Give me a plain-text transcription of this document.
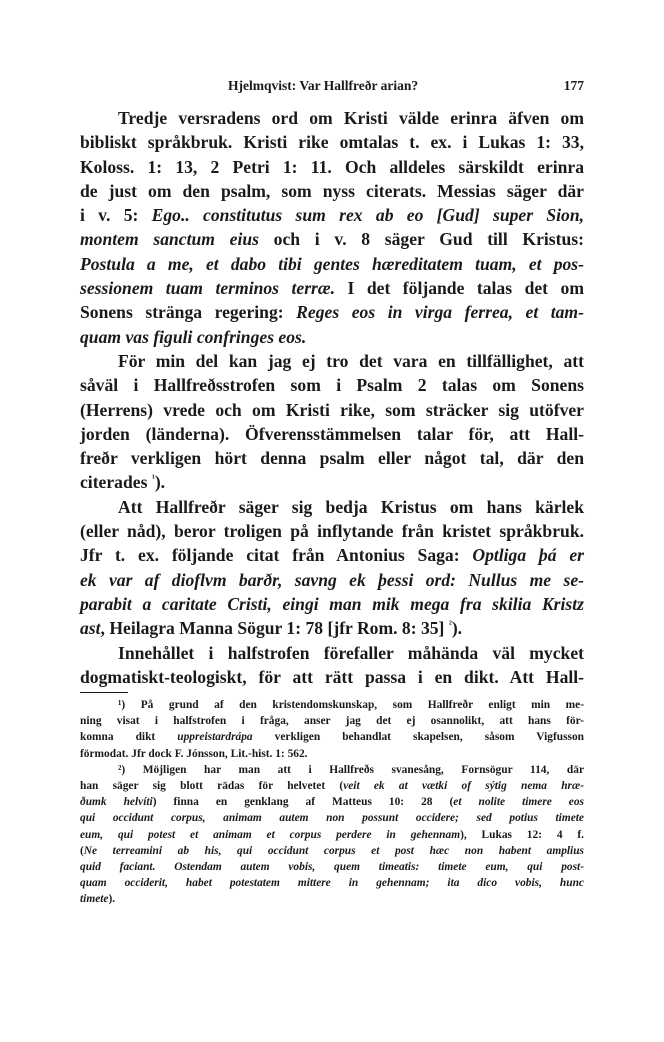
Hjelmqvist: Var Hallfreðr arian?	177
Tredje versradens ord om Kristi välde erinra äfven om
bibliskt språkbruk. Kristi rike omtalas t. ex. i Lukas 1: 33,
Koloss. 1: 13, 2 Petri 1: 11. Och alldeles särskildt erinra
de just om den psalm, som nyss citerats. Messias säger där
i v. 5: Ego.. constitutus sum rex ab eo [Gud] super Sion,
montem sanctum eius och i v. 8 säger Gud till Kristus:
Postula a me, et dabo tibi gentes hæreditatem tuam, et pos-
sessionem tuam terminos terræ. I det följande talas det om
Sonens stränga regering: Reges eos in virga ferrea, et tam-
quam vas figuli confringes eos.
För min del kan jag ej tro det vara en tillfällighet, att
såväl i Hallfreðsstrofen som i Psalm 2 talas om Sonens
(Herrens) vrede och om Kristi rike, som sträcker sig utöfver
jorden (länderna). Öfverensstämmelsen talar för, att Hall-
freðr verkligen hört denna psalm eller något tal, där den
citerades $^{^1}$).
Att Hallfreðr säger sig bedja Kristus om hans kärlek
(eller nåd), beror troligen på inflytande från kristet språkbruk.
Jfr t. ex. följande citat från Antonius Saga: Optliga þá er
ek var af dioflvm barðr, savng ek þessi ord: Nullus me se-
parabit a caritate Cristi, eingi man mik mega fra skilia Kristz
ast, Heilagra Manna Sögur 1: 78 [jfr Rom. 8: 35] $^{^2}$).
Innehållet i halfstrofen förefaller måhända väl mycket
dogmatiskt-teologiskt, för att rätt passa i en dikt. Att Hall-
¹) På grund af den kristendomskunskap, som Hallfreðr enligt min me-
ning visat i halfstrofen i fråga, anser jag det ej osannolikt, att hans för-
komna dikt uppreistardrápa verkligen behandlat skapelsen, såsom Vigfusson
förmodat. Jfr dock F. Jónsson, Lit.-hist. 1: 562.
²) Möjligen har man att i Hallfreðs svanesång, Fornsögur 114, där
han säger sig blott rädas för helvetet (veit ek at vætki of sýtig nema hræ-
ðumk helvíti) finna en genklang af Matteus 10: 28 (et nolite timere eos
qui occidunt corpus, animam autem non possunt occidere; sed potius timete
eum, qui potest et animam et corpus perdere in gehennam), Lukas 12: 4 f.
(Ne terreamini ab his, qui occidunt corpus et post hæc non habent amplius
quid faciant. Ostendam autem vobis, quem timeatis: timete eum, qui post-
quam occiderit, habet potestatem mittere in gehennam; ita dico vobis, hunc
timete).
